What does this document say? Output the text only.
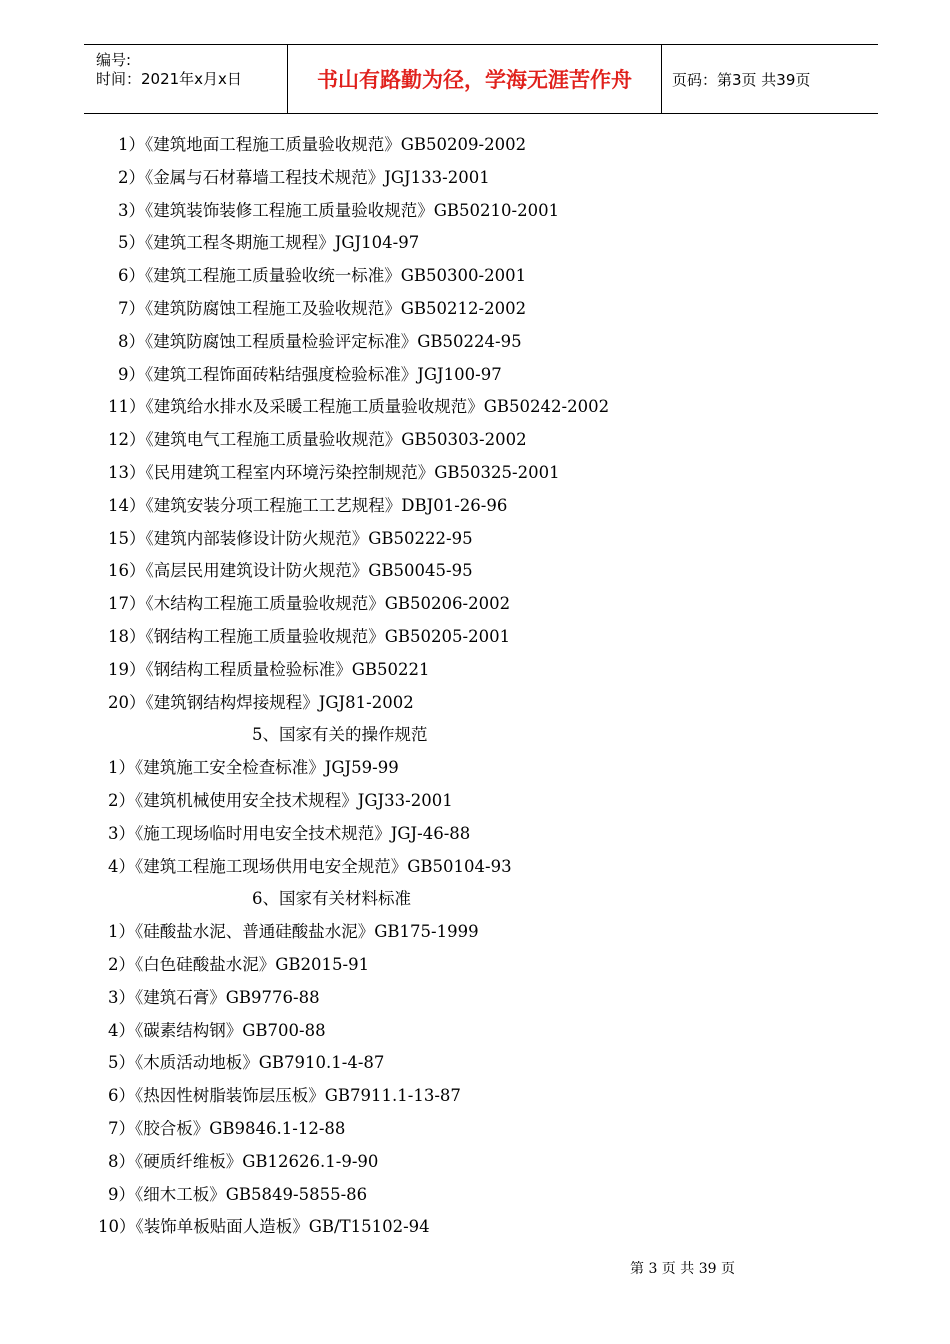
编号:
时间：2021年x月x日	书山有路勤为径，学海无涯苦作舟	页码：第3页 共39页
1）《建筑地面工程施工质量验收规范》GB50209-2002
2）《金属与石材幕墙工程技术规范》JGJ133-2001
3）《建筑装饰装修工程施工质量验收规范》GB50210-2001
5）《建筑工程冬期施工规程》JGJ104-97
6）《建筑工程施工质量验收统一标准》GB50300-2001
7）《建筑防腐蚀工程施工及验收规范》GB50212-2002
8）《建筑防腐蚀工程质量检验评定标准》GB50224-95
9）《建筑工程饰面砖粘结强度检验标准》JGJ100-97
11）《建筑给水排水及采暖工程施工质量验收规范》GB50242-2002
12）《建筑电气工程施工质量验收规范》GB50303-2002
13）《民用建筑工程室内环境污染控制规范》GB50325-2001
14）《建筑安装分项工程施工工艺规程》DBJ01-26-96
15）《建筑内部装修设计防火规范》GB50222-95
16）《高层民用建筑设计防火规范》GB50045-95
17）《木结构工程施工质量验收规范》GB50206-2002
18）《钢结构工程施工质量验收规范》GB50205-2001
19）《钢结构工程质量检验标准》GB50221
20）《建筑钢结构焊接规程》JGJ81-2002
5、国家有关的操作规范
1）《建筑施工安全检查标准》JGJ59-99
2）《建筑机械使用安全技术规程》JGJ33-2001
3）《施工现场临时用电安全技术规范》JGJ-46-88
4）《建筑工程施工现场供用电安全规范》GB50104-93
6、国家有关材料标准
1）《硅酸盐水泥、普通硅酸盐水泥》GB175-1999
2）《白色硅酸盐水泥》GB2015-91
3）《建筑石膏》GB9776-88
4）《碳素结构钢》GB700-88
5）《木质活动地板》GB7910.1-4-87
6）《热因性树脂装饰层压板》GB7911.1-13-87
7）《胶合板》GB9846.1-12-88
8）《硬质纤维板》GB12626.1-9-90
9）《细木工板》GB5849-5855-86
10）《装饰单板贴面人造板》GB/T15102-94
第 3 页 共 39 页
